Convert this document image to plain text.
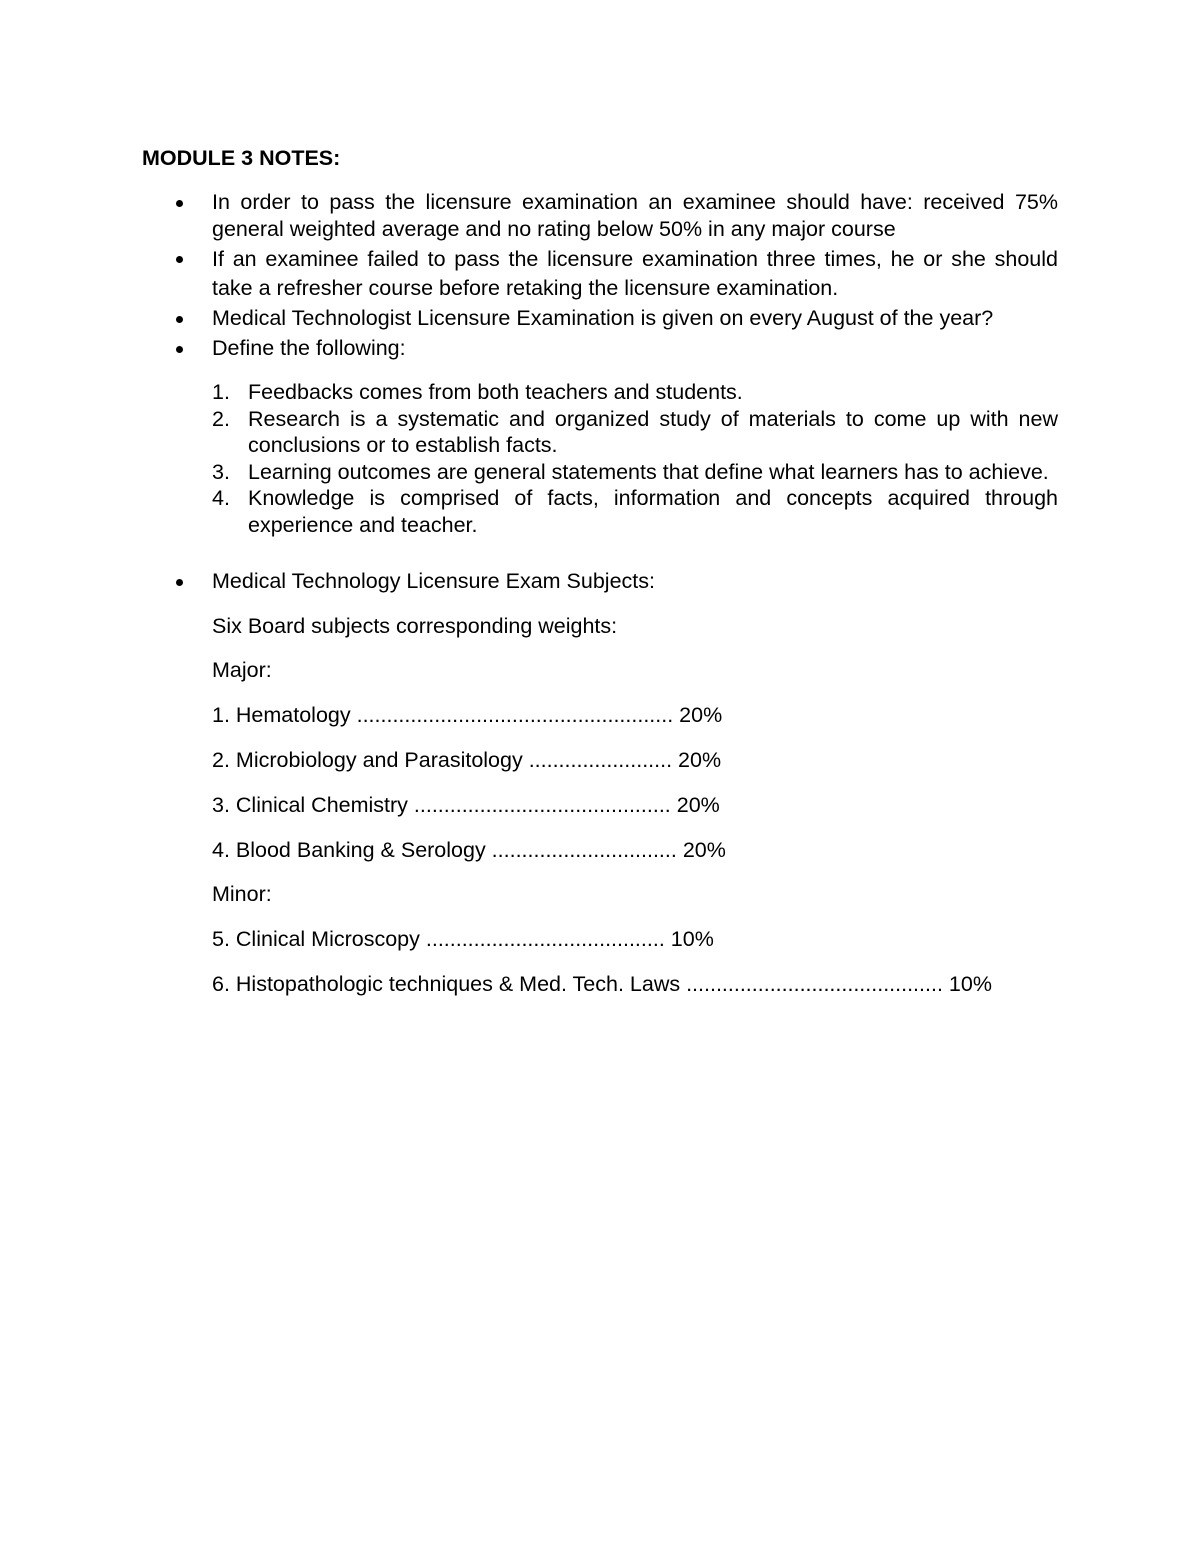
MODULE 3 NOTES:
In order to pass the licensure examination an examinee should have: received 75% general weighted average and no rating below 50% in any major course
If an examinee failed to pass the licensure examination three times, he or she should take a refresher course before retaking the licensure examination.
Medical Technologist Licensure Examination is given on every August of the year?
Define the following:
1. Feedbacks comes from both teachers and students.
2. Research is a systematic and organized study of materials to come up with new conclusions or to establish facts.
3. Learning outcomes are general statements that define what learners has to achieve.
4. Knowledge is comprised of facts, information and concepts acquired through experience and teacher.
Medical Technology Licensure Exam Subjects:
Six Board subjects corresponding weights:
Major:
1. Hematology ..................................................... 20%
2. Microbiology and Parasitology ........................ 20%
3. Clinical Chemistry ........................................... 20%
4. Blood Banking & Serology ............................... 20%
Minor:
5. Clinical Microscopy ........................................ 10%
6. Histopathologic techniques & Med. Tech. Laws ........................................... 10%
